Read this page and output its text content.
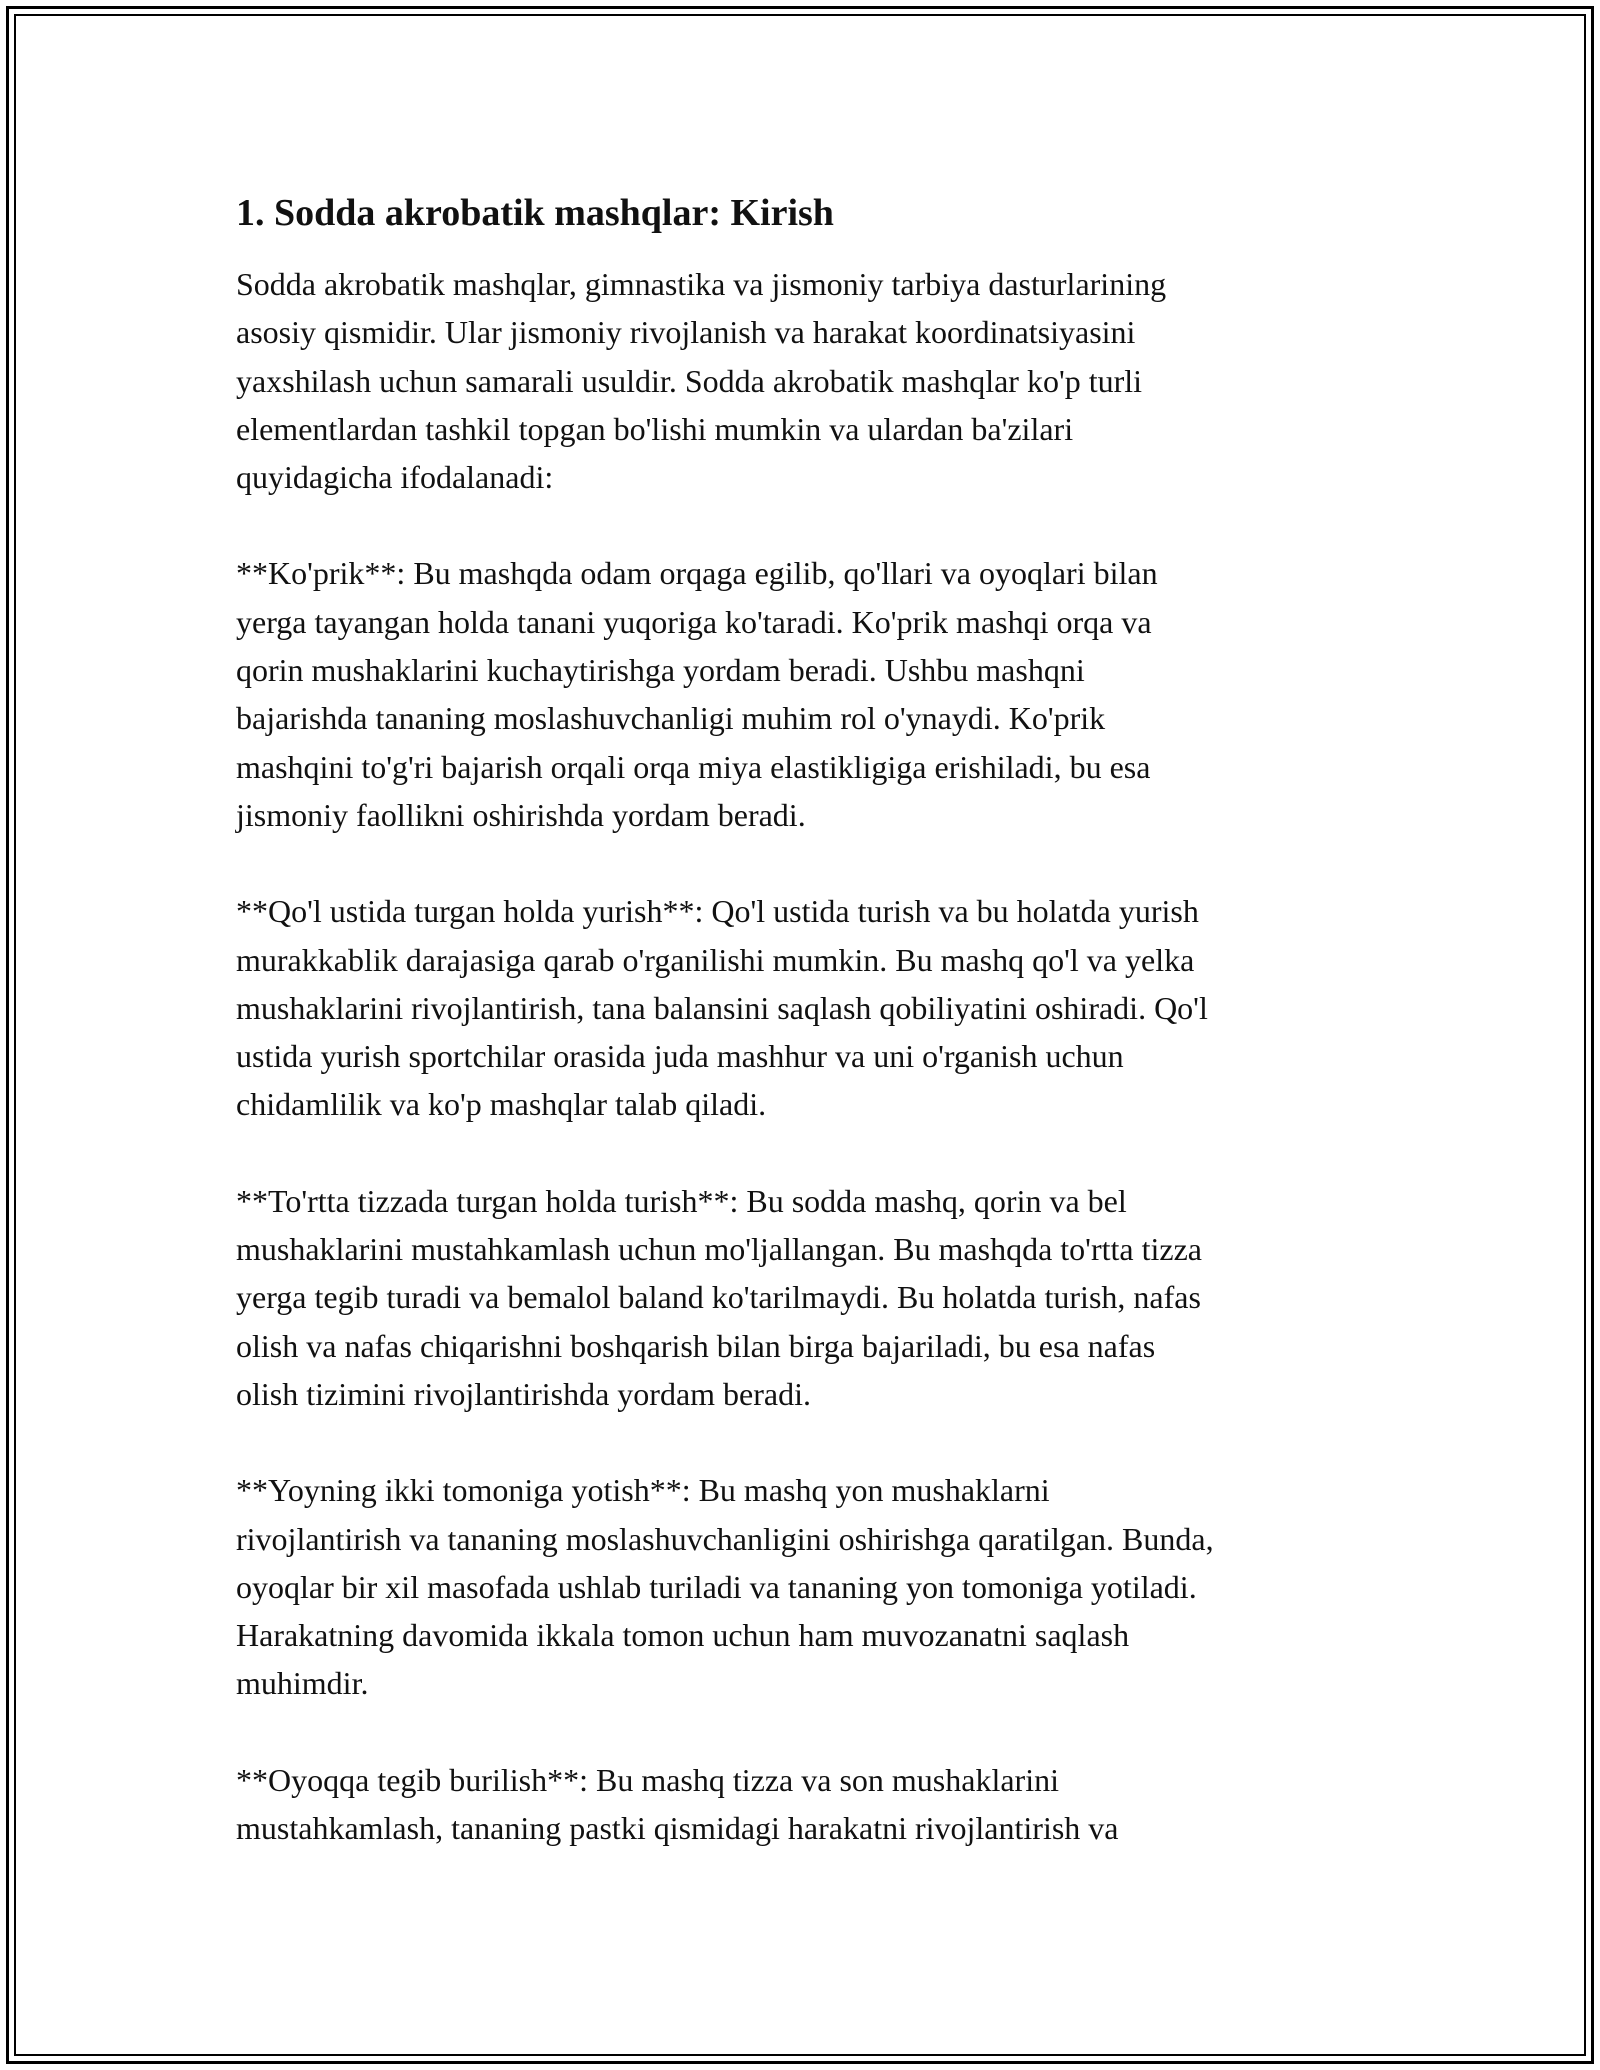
1. Sodda akrobatik mashqlar: Kirish

Sodda akrobatik mashqlar, gimnastika va jismoniy tarbiya dasturlarining
asosiy qismidir. Ular jismoniy rivojlanish va harakat koordinatsiyasini
yaxshilash uchun samarali usuldir. Sodda akrobatik mashqlar ko'p turli
elementlardan tashkil topgan bo'lishi mumkin va ulardan ba'zilari
quyidagicha ifodalanadi:

**Ko'prik**: Bu mashqda odam orqaga egilib, qo'llari va oyoqlari bilan
yerga tayangan holda tanani yuqoriga ko'taradi. Ko'prik mashqi orqa va
qorin mushaklarini kuchaytirishga yordam beradi. Ushbu mashqni
bajarishda tananing moslashuvchanligi muhim rol o'ynaydi. Ko'prik
mashqini to'g'ri bajarish orqali orqa miya elastikligiga erishiladi, bu esa
jismoniy faollikni oshirishda yordam beradi.

**Qo'l ustida turgan holda yurish**: Qo'l ustida turish va bu holatda yurish
murakkablik darajasiga qarab o'rganilishi mumkin. Bu mashq qo'l va yelka
mushaklarini rivojlantirish, tana balansini saqlash qobiliyatini oshiradi. Qo'l
ustida yurish sportchilar orasida juda mashhur va uni o'rganish uchun
chidamlilik va ko'p mashqlar talab qiladi.

**To'rtta tizzada turgan holda turish**: Bu sodda mashq, qorin va bel
mushaklarini mustahkamlash uchun mo'ljallangan. Bu mashqda to'rtta tizza
yerga tegib turadi va bemalol baland ko'tarilmaydi. Bu holatda turish, nafas
olish va nafas chiqarishni boshqarish bilan birga bajariladi, bu esa nafas
olish tizimini rivojlantirishda yordam beradi.

**Yoyning ikki tomoniga yotish**: Bu mashq yon mushaklarni
rivojlantirish va tananing moslashuvchanligini oshirishga qaratilgan. Bunda,
oyoqlar bir xil masofada ushlab turiladi va tananing yon tomoniga yotiladi.
Harakatning davomida ikkala tomon uchun ham muvozanatni saqlash
muhimdir.

**Oyoqqa tegib burilish**: Bu mashq tizza va son mushaklarini
mustahkamlash, tananing pastki qismidagi harakatni rivojlantirish va
